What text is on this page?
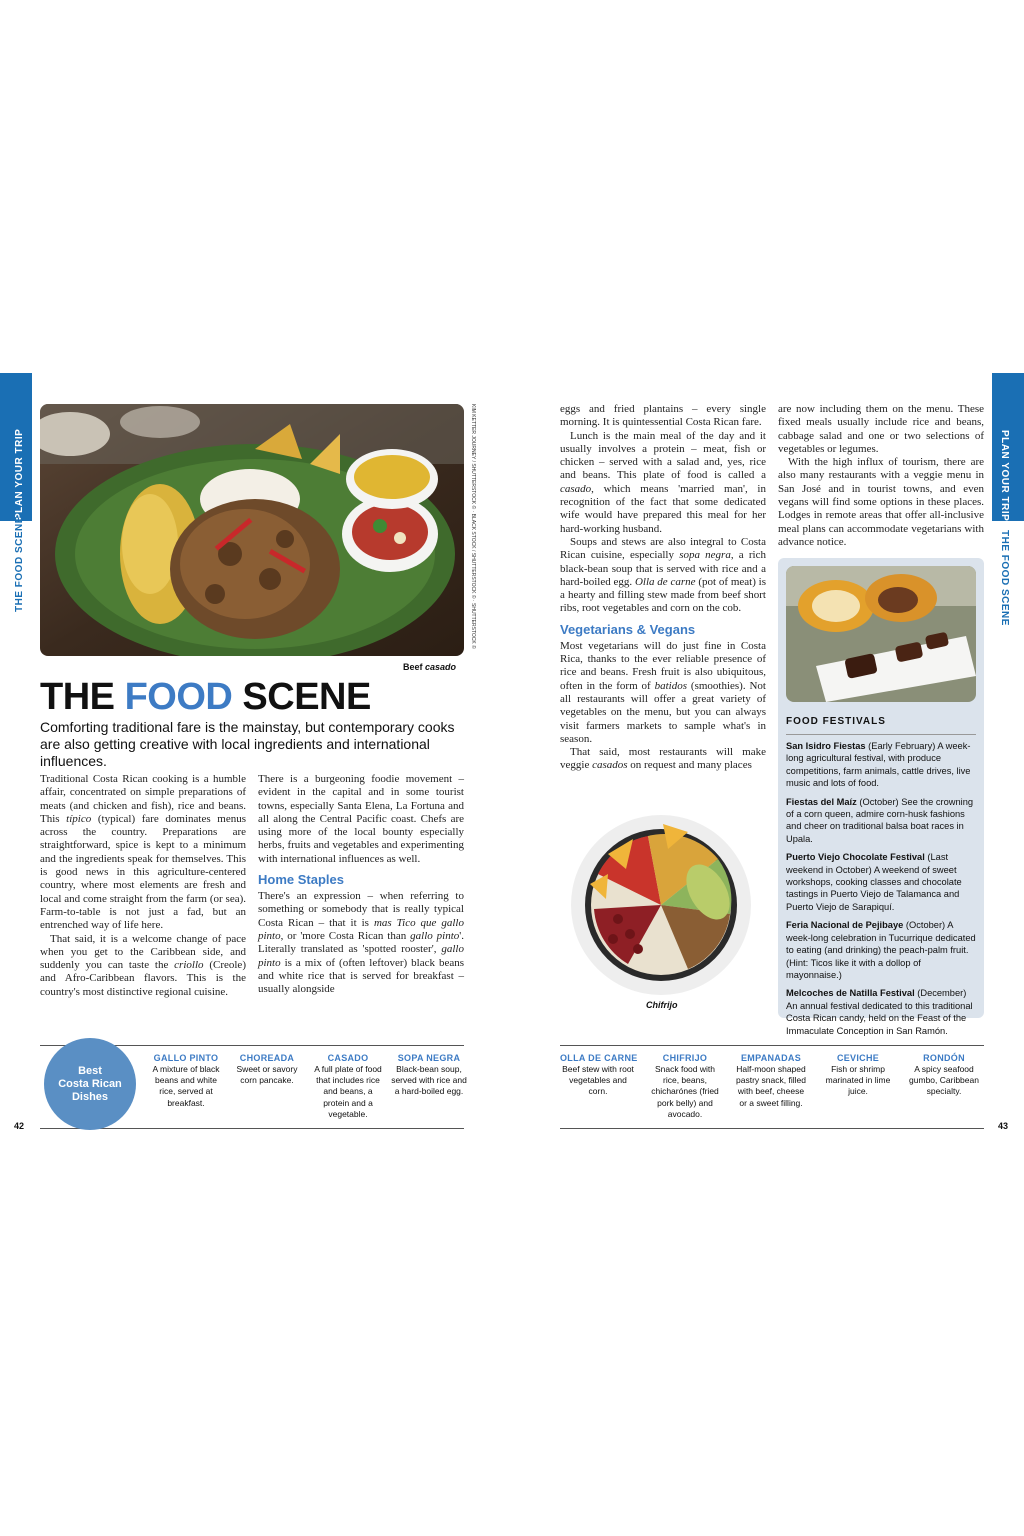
PLAN YOUR TRIP
THE FOOD SCENE
PLAN YOUR TRIP
THE FOOD SCENE
KIM KETTER JOURNEY / SHUTTERSTOCK © · BLACK STOCK / SHUTTERSTOCK © · SHUTTERSTOCK ©
Beef casado
THE FOOD SCENE
Comforting traditional fare is the mainstay, but contemporary cooks are also getting creative with local ingredients and international influences.

Traditional Costa Rican cooking is a humble affair, concentrated on simple preparations of meats (and chicken and fish), rice and beans. This típico (typical) fare dominates menus across the country. Preparations are straightforward, spice is kept to a minimum and the ingredients speak for themselves. This is good news in this agriculture-centered country, where most elements are fresh and local and come straight from the farm (or sea). Farm-to-table is not just a fad, but an entrenched way of life here.

That said, it is a welcome change of pace when you get to the Caribbean side, and suddenly you can taste the criollo (Creole) and Afro-Caribbean flavors. This is the country's most distinctive regional cuisine.

There is a burgeoning foodie movement – evident in the capital and in some tourist towns, especially Santa Elena, La Fortuna and all along the Central Pacific coast. Chefs are using more of the local bounty especially herbs, fruits and vegetables and experimenting with international influences as well.

Home Staples

There's an expression – when referring to something or somebody that is really typical Costa Rican – that it is mas Tico que gallo pinto, or 'more Costa Rican than gallo pinto'. Literally translated as 'spotted rooster', gallo pinto is a mix of (often leftover) black beans and white rice that is served for breakfast – usually alongside

eggs and fried plantains – every single morning. It is quintessential Costa Rican fare.

Lunch is the main meal of the day and it usually involves a protein – meat, fish or chicken – served with a salad and, yes, rice and beans. This plate of food is called a casado, which means 'married man', in recognition of the fact that some dedicated wife would have prepared this meal for her hard-working husband.

Soups and stews are also integral to Costa Rican cuisine, especially sopa negra, a rich black-bean soup that is served with rice and a hard-boiled egg. Olla de carne (pot of meat) is a hearty and filling stew made from beef short ribs, root vegetables and corn on the cob.

Vegetarians & Vegans

Most vegetarians will do just fine in Costa Rica, thanks to the ever reliable presence of rice and beans. Fresh fruit is also ubiquitous, often in the form of batidos (smoothies). Not all restaurants will offer a great variety of vegetables on the menu, but you can always visit farmers markets to sample what's in season.

That said, most restaurants will make veggie casados on request and many places

Chifrijo

are now including them on the menu. These fixed meals usually include rice and beans, cabbage salad and one or two selections of vegetables or legumes.

With the high influx of tourism, there are also many restaurants with a veggie menu in San José and in tourist towns, and even vegans will find some options in these places. Lodges in remote areas that offer all-inclusive meal plans can accommodate vegetarians with advance notice.

FOOD FESTIVALS
San Isidro Fiestas (Early February) A week-long agricultural festival, with produce competitions, farm animals, cattle drives, live music and lots of food.
Fiestas del Maíz (October) See the crowning of a corn queen, admire corn-husk fashions and cheer on traditional balsa boat races in Upala.
Puerto Viejo Chocolate Festival (Last weekend in October) A weekend of sweet workshops, cooking classes and chocolate tastings in Puerto Viejo de Talamanca and Puerto Viejo de Sarapiquí.
Feria Nacional de Pejibaye (October) A week-long celebration in Tucurrique dedicated to eating (and drinking) the peach-palm fruit. (Hint: Ticos like it with a dollop of mayonnaise.)
Melcoches de Natilla Festival (December) An annual festival dedicated to this traditional Costa Rican candy, held on the Feast of the Immaculate Conception in San Ramón.
Best
Costa Rican
Dishes
GALLO PINTO
A mixture of black beans and white rice, served at breakfast.
CHOREADA
Sweet or savory corn pancake.
CASADO
A full plate of food that includes rice and beans, a protein and a vegetable.
SOPA NEGRA
Black-bean soup, served with rice and a hard-boiled egg.
OLLA DE CARNE
Beef stew with root vegetables and corn.
CHIFRIJO
Snack food with rice, beans, chicharónes (fried pork belly) and avocado.
EMPANADAS
Half-moon shaped pastry snack, filled with beef, cheese or a sweet filling.
CEVICHE
Fish or shrimp marinated in lime juice.
RONDÓN
A spicy seafood gumbo, Caribbean specialty.
42	43
